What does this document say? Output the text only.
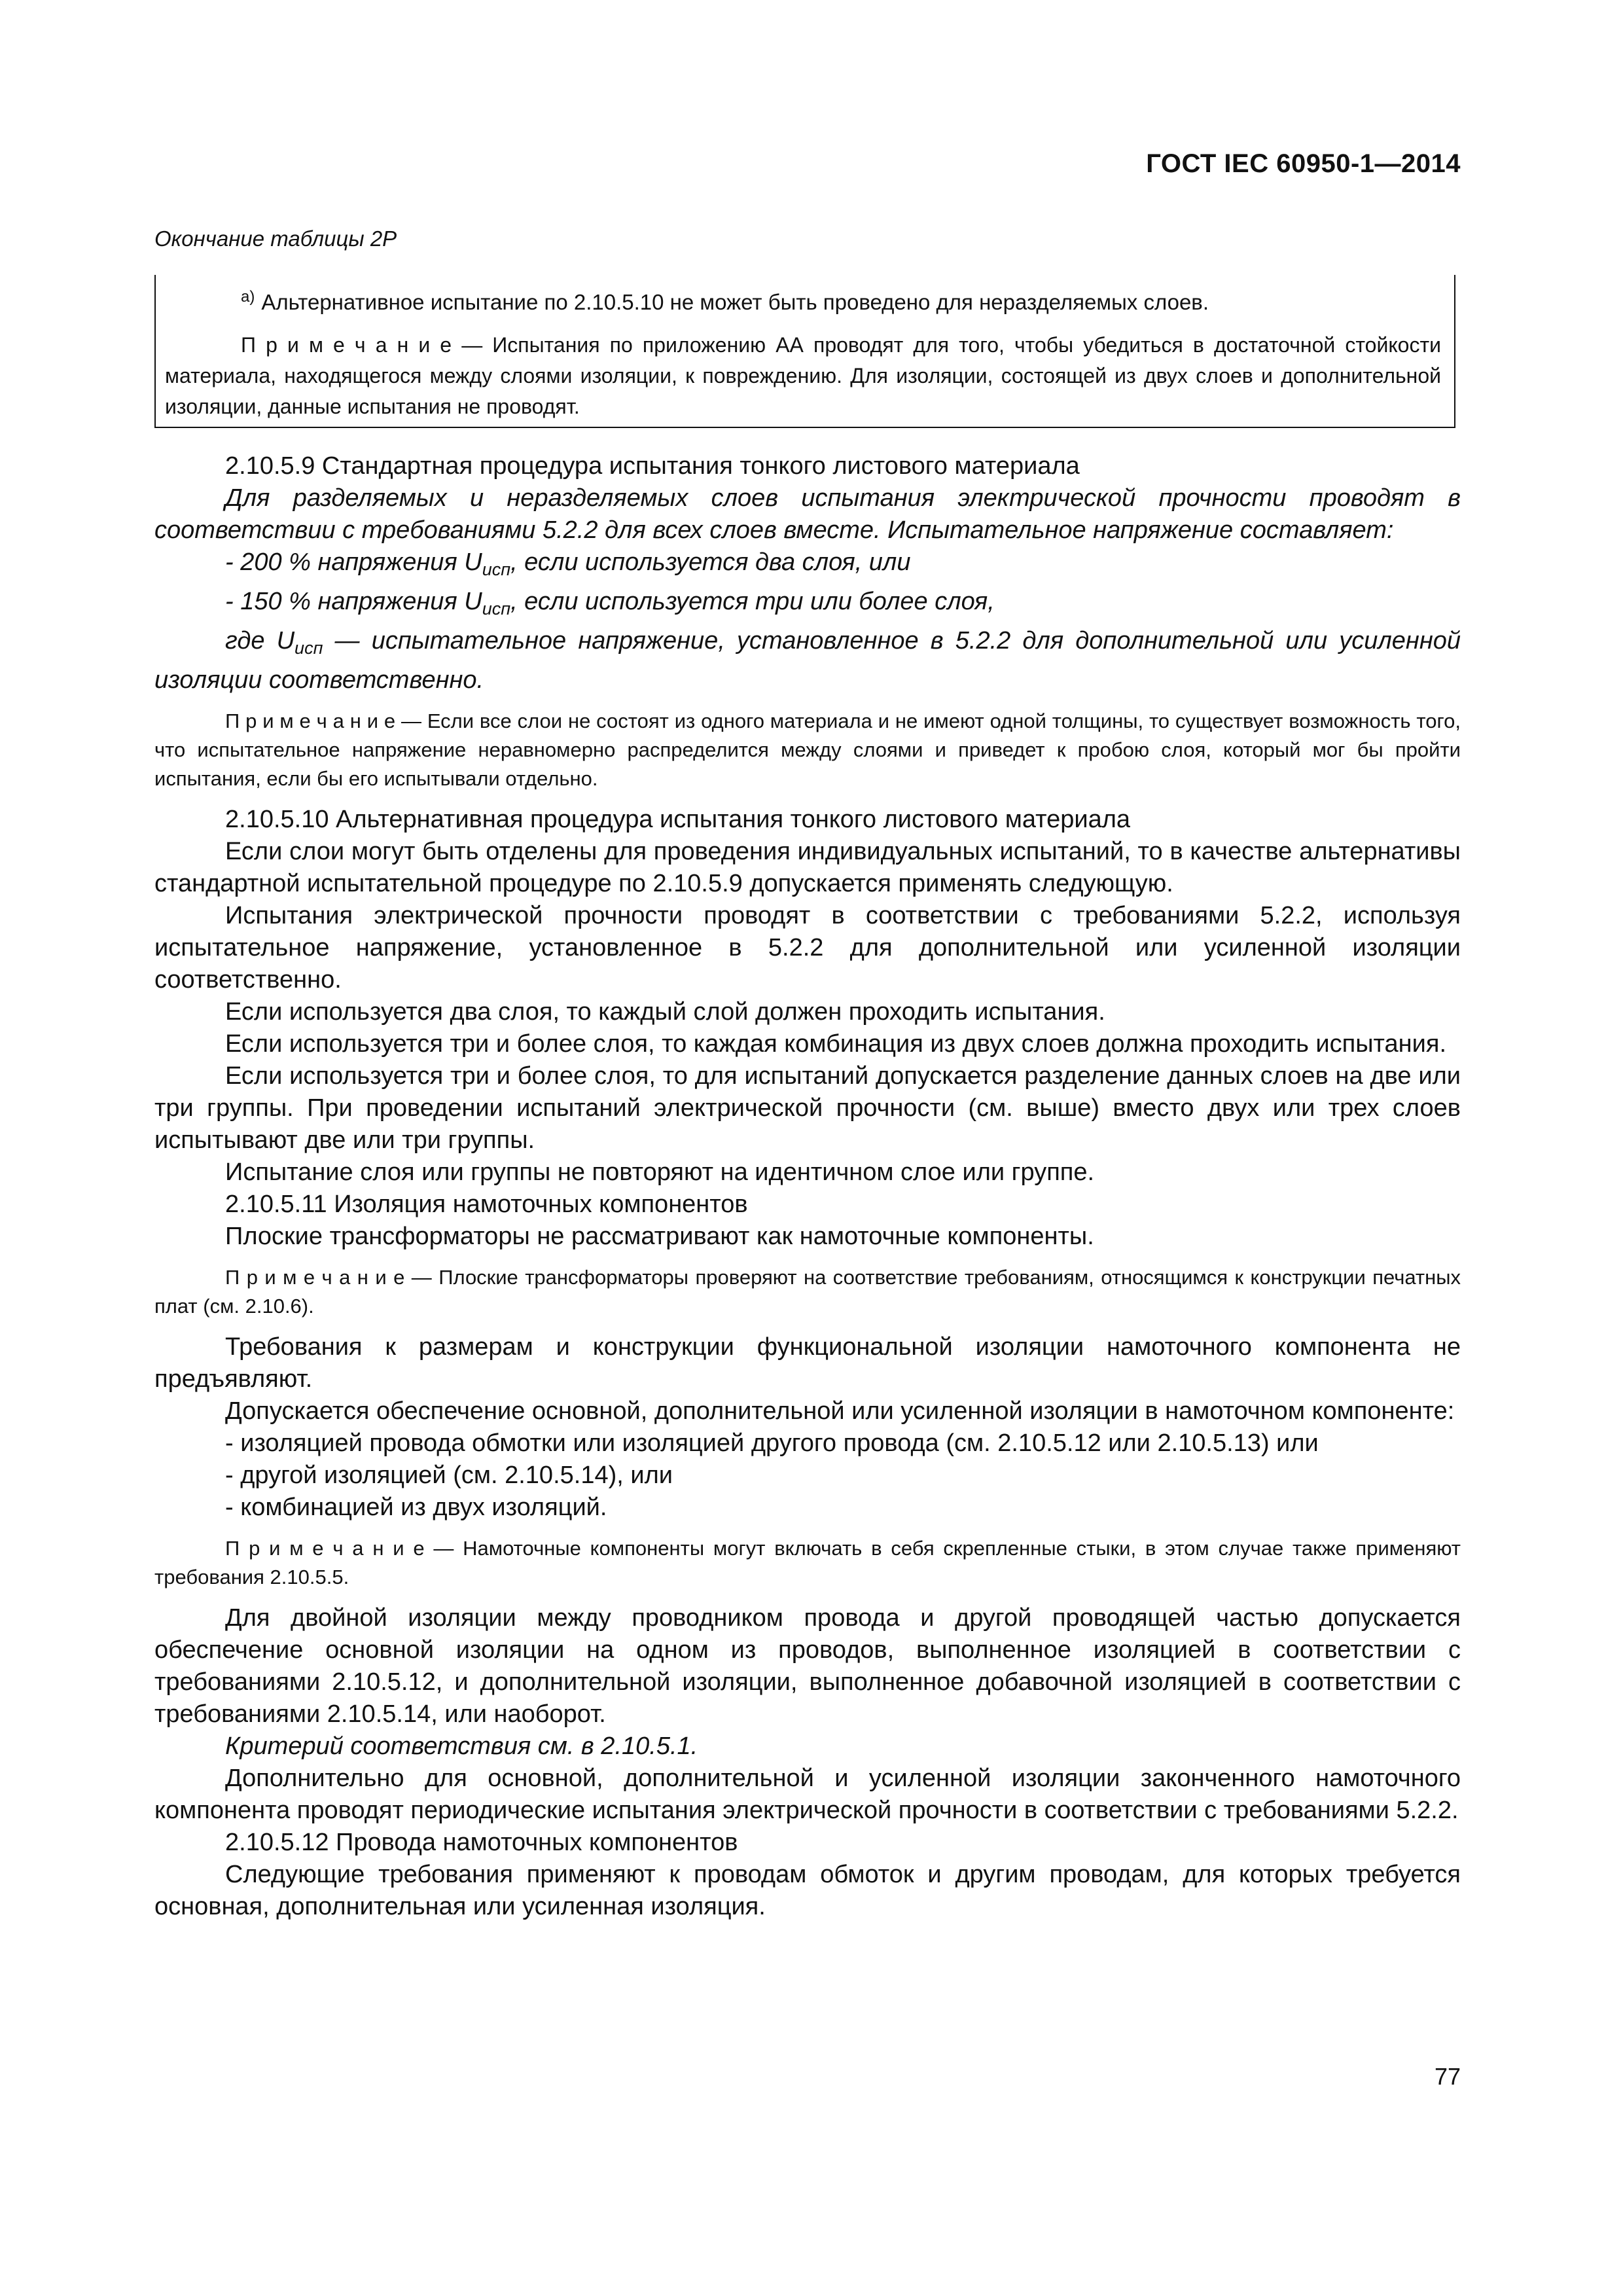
ГОСТ IEC 60950-1—2014
Окончание таблицы 2Р
$^{a)}$ Альтернативное испытание по 2.10.5.10 не может быть проведено для неразделяемых слоев.
П р и м е ч а н и е — Испытания по приложению АА проводят для того, чтобы убедиться в достаточной стойкости материала, находящегося между слоями изоляции, к повреждению. Для изоляции, состоящей из двух слоев и дополнительной изоляции, данные испытания не проводят.

2.10.5.9 Стандартная процедура испытания тонкого листового материала

Для разделяемых и неразделяемых слоев испытания электрической прочности проводят в соответствии с требованиями 5.2.2 для всех слоев вместе. Испытательное напряжение составляет:

- 200 % напряжения $U_{исп}$, если используется два слоя, или

- 150 % напряжения $U_{исп}$, если используется три или более слоя,

где $U_{исп}$ — испытательное напряжение, установленное в 5.2.2 для дополнительной или усиленной изоляции соответственно.

П р и м е ч а н и е — Если все слои не состоят из одного материала и не имеют одной толщины, то существует возможность того, что испытательное напряжение неравномерно распределится между слоями и приведет к пробою слоя, который мог бы пройти испытания, если бы его испытывали отдельно.

2.10.5.10 Альтернативная процедура испытания тонкого листового материала

Если слои могут быть отделены для проведения индивидуальных испытаний, то в качестве альтернативы стандартной испытательной процедуре по 2.10.5.9 допускается применять следующую.

Испытания электрической прочности проводят в соответствии с требованиями 5.2.2, используя испытательное напряжение, установленное в 5.2.2 для дополнительной или усиленной изоляции соответственно.

Если используется два слоя, то каждый слой должен проходить испытания.

Если используется три и более слоя, то каждая комбинация из двух слоев должна проходить испытания.

Если используется три и более слоя, то для испытаний допускается разделение данных слоев на две или три группы. При проведении испытаний электрической прочности (см. выше) вместо двух или трех слоев испытывают две или три группы.

Испытание слоя или группы не повторяют на идентичном слое или группе.

2.10.5.11 Изоляция намоточных компонентов

Плоские трансформаторы не рассматривают как намоточные компоненты.

П р и м е ч а н и е — Плоские трансформаторы проверяют на соответствие требованиям, относящимся к конструкции печатных плат (см. 2.10.6).

Требования к размерам и конструкции функциональной изоляции намоточного компонента не предъявляют.

Допускается обеспечение основной, дополнительной или усиленной изоляции в намоточном компоненте:

- изоляцией провода обмотки или изоляцией другого провода (см. 2.10.5.12 или 2.10.5.13) или

- другой изоляцией (см. 2.10.5.14), или

- комбинацией из двух изоляций.

П р и м е ч а н и е — Намоточные компоненты могут включать в себя скрепленные стыки, в этом случае также применяют требования 2.10.5.5.

Для двойной изоляции между проводником провода и другой проводящей частью допускается обеспечение основной изоляции на одном из проводов, выполненное изоляцией в соответствии с требованиями 2.10.5.12, и дополнительной изоляции, выполненное добавочной изоляцией в соответствии с требованиями 2.10.5.14, или наоборот.

Критерий соответствия см. в 2.10.5.1.

Дополнительно для основной, дополнительной и усиленной изоляции законченного намоточного компонента проводят периодические испытания электрической прочности в соответствии с требованиями 5.2.2.

2.10.5.12 Провода намоточных компонентов

Следующие требования применяют к проводам обмоток и другим проводам, для которых требуется основная, дополнительная или усиленная изоляция.

77
